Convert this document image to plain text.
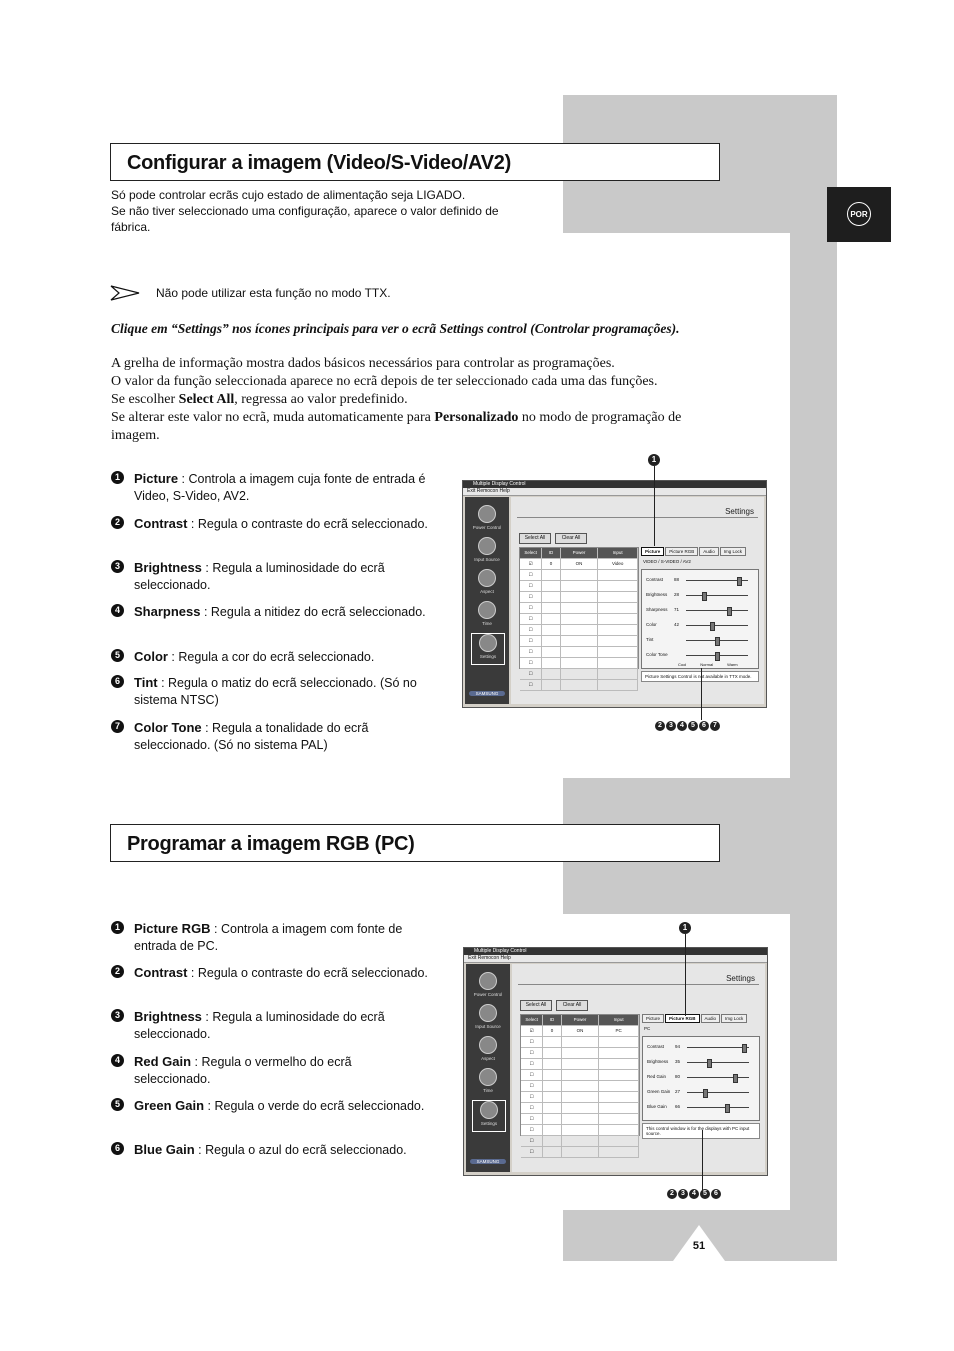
51
POR
Configurar a imagem (Video/S-Video/AV2)
Só pode controlar ecrãs cujo estado de alimentação seja LIGADO.
Se não tiver seleccionado uma configuração, aparece o valor definido de
fábrica.
Não pode utilizar esta função no modo TTX.
Clique em “Settings” nos ícones principais para ver o ecrã Settings control (Controlar programações).
A grelha de informação mostra dados básicos necessários para controlar as programações.
O valor da função seleccionada aparece no ecrã depois de ter seleccionado cada uma das funções.
Se escolher Select All, regressa ao valor predefinido.
Se alterar este valor no ecrã, muda automaticamente para Personalizado no modo de programação de
imagem.
1	Picture : Controla a imagem cuja fonte de entrada é Video, S-Video, AV2.
2	Contrast : Regula o contraste do ecrã seleccionado.
3	Brightness : Regula a luminosidade do ecrã seleccionado.
4	Sharpness : Regula a nitidez do ecrã seleccionado.
5	Color : Regula a cor do ecrã seleccionado.
6	Tint : Regula o matiz do ecrã seleccionado. (Só no sistema NTSC)
7	Color Tone : Regula a tonalidade do ecrã seleccionado. (Só no sistema PAL)
Multiple Display Control
Exit Remocon Help
Power Control
Input Source
Aspect
Time
Settings
SAMSUNG
Settings
Select All	Clear All
Select	ID	Power	Input
☑	0	ON	Video
☐
☐
☐
☐
☐
☐
☐
☐
☐
☐
☐
Picture	Picture RGB	Audio	Img Lock
VIDEO / S-VIDEO / AV2
Contrast 88
Brightness 28
Sharpness 71
Color	42
Tint
Color Tone
Cool	Normal	Warm
Picture Settings Control is not available in TTX mode.
1
2	3	4	5	6	7
Programar a imagem RGB (PC)
1	Picture RGB : Controla a imagem com fonte de entrada de PC.
2	Contrast : Regula o contraste do ecrã seleccionado.
3	Brightness : Regula a luminosidade do ecrã seleccionado.
4	Red Gain : Regula o vermelho do ecrã seleccionado.
5	Green Gain : Regula o verde do ecrã seleccionado.
6	Blue Gain : Regula o azul do ecrã seleccionado.
Multiple Display Control
Exit Remocon Help
Power Control
Input Source
Aspect
Time
Settings
SAMSUNG
Settings
Select All	Clear All
Select	ID	Power	Input
☑	0	ON	PC
☐
☐
☐
☐
☐
☐
☐
☐
☐
☐
☐
Picture	Picture RGB	Audio	Img Lock
PC
Contrast 94
Brightness 35
Red Gain 80
Green Gain 27
Blue Gain 66
This control window is for the displays with PC input source.
1
2	3	4	5	6
